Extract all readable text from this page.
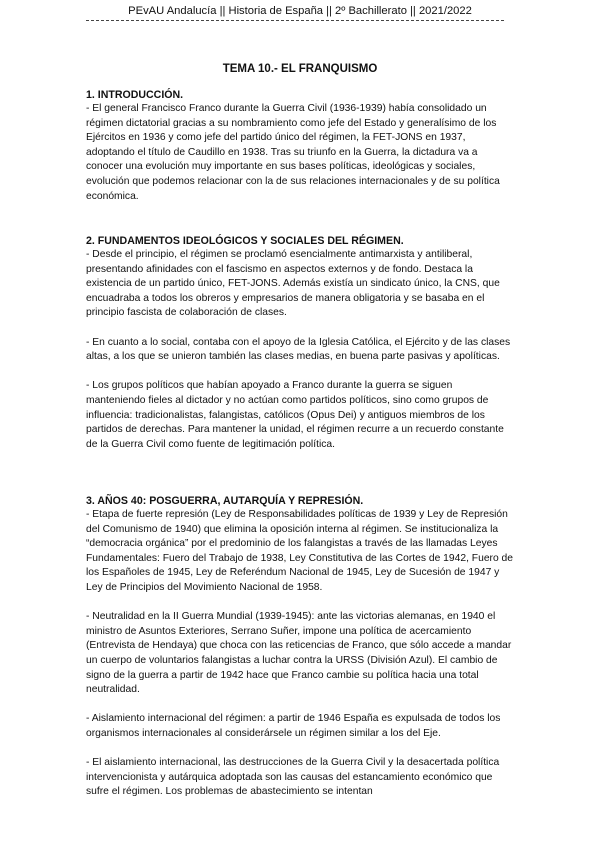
PEvAU Andalucía || Historia de España || 2º Bachillerato || 2021/2022
TEMA 10.- EL FRANQUISMO

1. INTRODUCCIÓN.

- El general Francisco Franco durante la Guerra Civil (1936-1939) había consolidado un régimen dictatorial gracias a su nombramiento como jefe del Estado y generalísimo de los Ejércitos en 1936 y como jefe del partido único del régimen, la FET-JONS en 1937, adoptando el título de Caudillo en 1938. Tras su triunfo en la Guerra, la dictadura va a conocer una evolución muy importante en sus bases políticas, ideológicas y sociales, evolución que podemos relacionar con la de sus relaciones internacionales y de su política económica.

2. FUNDAMENTOS IDEOLÓGICOS Y SOCIALES DEL RÉGIMEN.

- Desde el principio, el régimen se proclamó esencialmente antimarxista y antiliberal, presentando afinidades con el fascismo en aspectos externos y de fondo. Destaca la existencia de un partido único, FET-JONS. Además existía un sindicato único, la CNS, que encuadraba a todos los obreros y empresarios de manera obligatoria y se basaba en el principio fascista de colaboración de clases.

- En cuanto a lo social, contaba con el apoyo de la Iglesia Católica, el Ejército y de las clases altas, a los que se unieron también las clases medias, en buena parte pasivas y apolíticas.

- Los grupos políticos que habían apoyado a Franco durante la guerra se siguen manteniendo fieles al dictador y no actúan como partidos políticos, sino como grupos de influencia: tradicionalistas, falangistas, católicos (Opus Dei) y antiguos miembros de los partidos de derechas. Para mantener la unidad, el régimen recurre a un recuerdo constante de la Guerra Civil como fuente de legitimación política.

3. AÑOS 40: POSGUERRA, AUTARQUÍA Y REPRESIÓN.

- Etapa de fuerte represión (Ley de Responsabilidades políticas de 1939 y Ley de Represión del Comunismo de 1940) que elimina la oposición interna al régimen. Se institucionaliza la “democracia orgánica” por el predominio de los falangistas a través de las llamadas Leyes Fundamentales: Fuero del Trabajo de 1938, Ley Constitutiva de las Cortes de 1942, Fuero de los Españoles de 1945, Ley de Referéndum Nacional de 1945, Ley de Sucesión de 1947 y Ley de Principios del Movimiento Nacional de 1958.

- Neutralidad en la II Guerra Mundial (1939-1945): ante las victorias alemanas, en 1940 el ministro de Asuntos Exteriores, Serrano Suñer, impone una política de acercamiento (Entrevista de Hendaya) que choca con las reticencias de Franco, que sólo accede a mandar un cuerpo de voluntarios falangistas a luchar contra la URSS (División Azul). El cambio de signo de la guerra a partir de 1942 hace que Franco cambie su política hacia una total neutralidad.

- Aislamiento internacional del régimen: a partir de 1946 España es expulsada de todos los organismos internacionales al considerársele un régimen similar a los del Eje.

- El aislamiento internacional, las destrucciones de la Guerra Civil y la desacertada política intervencionista y autárquica adoptada son las causas del estancamiento económico que sufre el régimen. Los problemas de abastecimiento se intentan
